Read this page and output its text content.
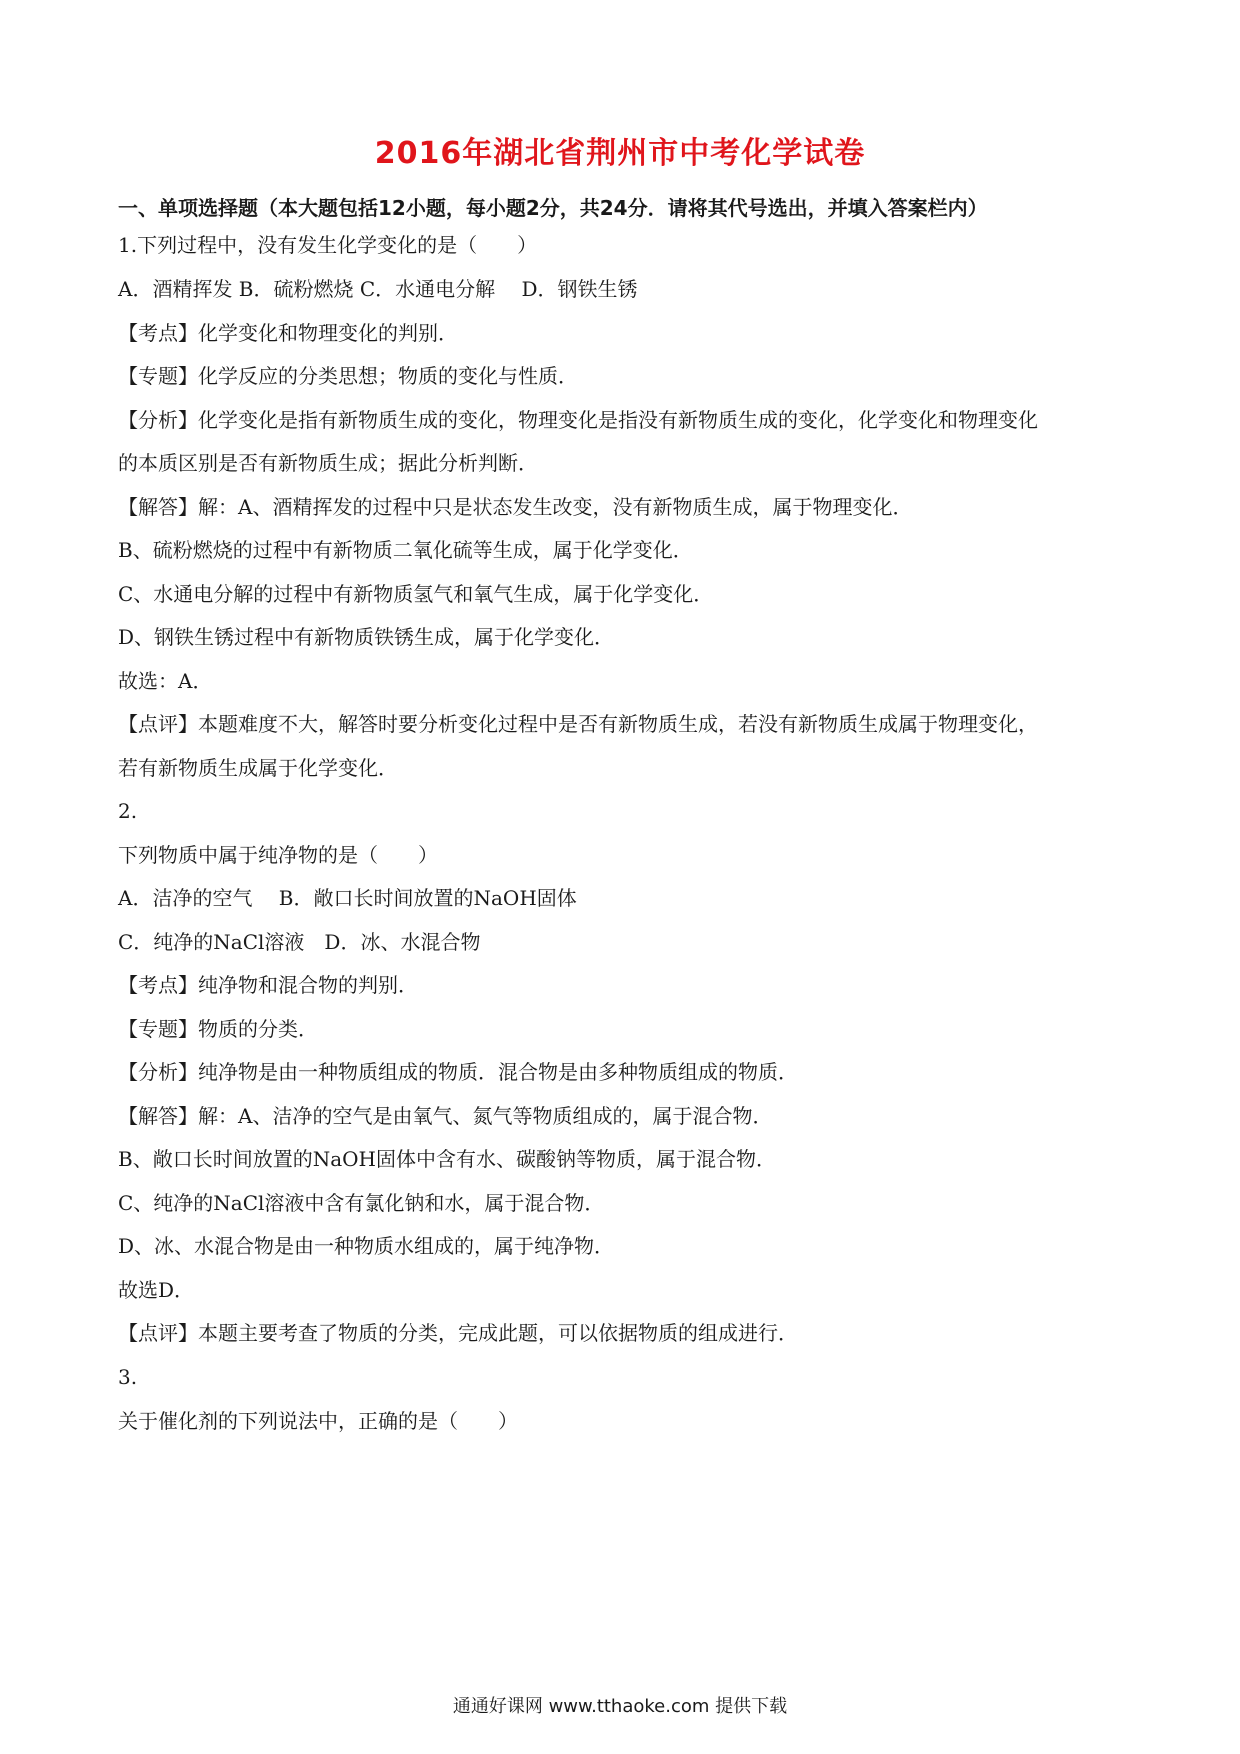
2016年湖北省荆州市中考化学试卷
一、单项选择题（本大题包括12小题，每小题2分，共24分．请将其代号选出，并填入答案栏内）
1.下列过程中，没有发生化学变化的是（　　）
A．酒精挥发 B．硫粉燃烧 C．水通电分解　 D．钢铁生锈
【考点】化学变化和物理变化的判别．
【专题】化学反应的分类思想；物质的变化与性质．
【分析】化学变化是指有新物质生成的变化，物理变化是指没有新物质生成的变化，化学变化和物理变化
的本质区别是否有新物质生成；据此分析判断．
【解答】解：A、酒精挥发的过程中只是状态发生改变，没有新物质生成，属于物理变化．
B、硫粉燃烧的过程中有新物质二氧化硫等生成，属于化学变化．
C、水通电分解的过程中有新物质氢气和氧气生成，属于化学变化．
D、钢铁生锈过程中有新物质铁锈生成，属于化学变化．
故选：A．
【点评】本题难度不大，解答时要分析变化过程中是否有新物质生成，若没有新物质生成属于物理变化，
若有新物质生成属于化学变化．
2.
下列物质中属于纯净物的是（　　）
A．洁净的空气　 B．敞口长时间放置的NaOH固体
C．纯净的NaCl溶液　D．冰、水混合物
【考点】纯净物和混合物的判别．
【专题】物质的分类．
【分析】纯净物是由一种物质组成的物质．混合物是由多种物质组成的物质．
【解答】解：A、洁净的空气是由氧气、氮气等物质组成的，属于混合物．
B、敞口长时间放置的NaOH固体中含有水、碳酸钠等物质，属于混合物．
C、纯净的NaCl溶液中含有氯化钠和水，属于混合物．
D、冰、水混合物是由一种物质水组成的，属于纯净物．
故选D．
【点评】本题主要考查了物质的分类，完成此题，可以依据物质的组成进行．
3.
关于催化剂的下列说法中，正确的是（　　）
通通好课网 www.tthaoke.com 提供下载
